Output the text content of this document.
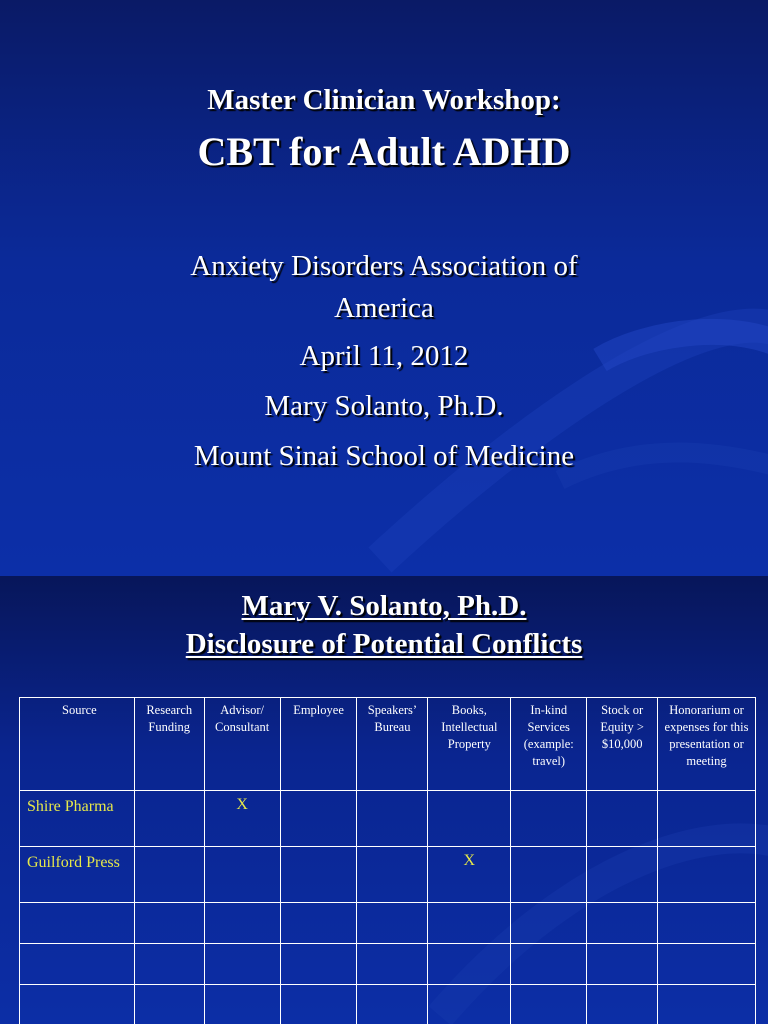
Master Clinician Workshop:
CBT for Adult ADHD
Anxiety Disorders Association of
America
April 11, 2012
Mary Solanto, Ph.D.
Mount Sinai School of Medicine
Mary V. Solanto, Ph.D.
Disclosure of Potential Conflicts
Source	Research Funding	Advisor/ Consultant	Employee	Speakers’ Bureau	Books, Intellectual Property	In-kind Services (example: travel)	Stock or Equity > $10,000	Honorarium or expenses for this presentation or meeting
Shire Pharma		X						
Guilford Press					X			
